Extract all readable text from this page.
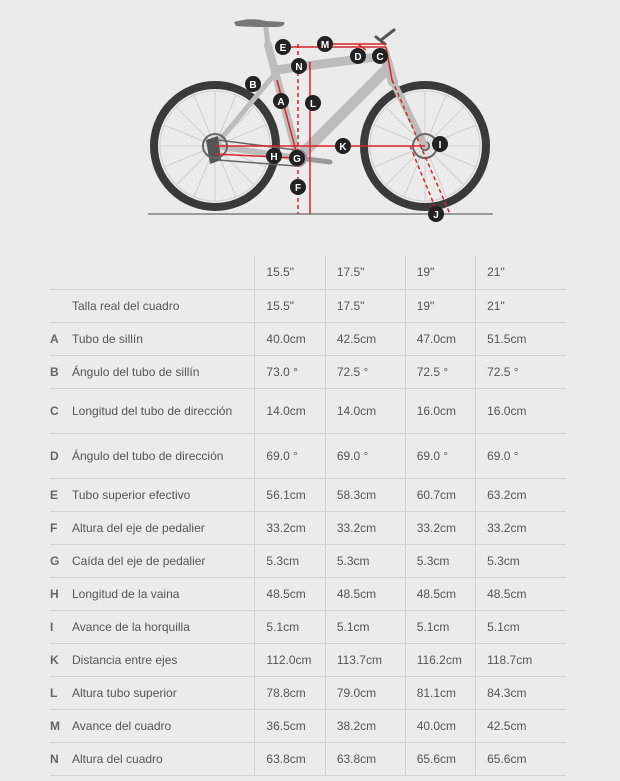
A
B
C
D
E
F
G
H
I
J
K
L
M
N
	15.5"	17.5"	19"	21"
Talla real del cuadro	15.5"	17.5"	19"	21"
A Tubo de sillín	40.0cm	42.5cm	47.0cm	51.5cm
B Ángulo del tubo de sillín	73.0 °	72.5 °	72.5 °	72.5 °
C Longitud del tubo de dirección	14.0cm	14.0cm	16.0cm	16.0cm
D Ángulo del tubo de dirección	69.0 °	69.0 °	69.0 °	69.0 °
E Tubo superior efectivo	56.1cm	58.3cm	60.7cm	63.2cm
F Altura del eje de pedalier	33.2cm	33.2cm	33.2cm	33.2cm
G Caída del eje de pedalier	5.3cm	5.3cm	5.3cm	5.3cm
H Longitud de la vaina	48.5cm	48.5cm	48.5cm	48.5cm
I Avance de la horquilla	5.1cm	5.1cm	5.1cm	5.1cm
K Distancia entre ejes	112.0cm	113.7cm	116.2cm	118.7cm
L Altura tubo superior	78.8cm	79.0cm	81.1cm	84.3cm
M Avance del cuadro	36.5cm	38.2cm	40.0cm	42.5cm
N Altura del cuadro	63.8cm	63.8cm	65.6cm	65.6cm
